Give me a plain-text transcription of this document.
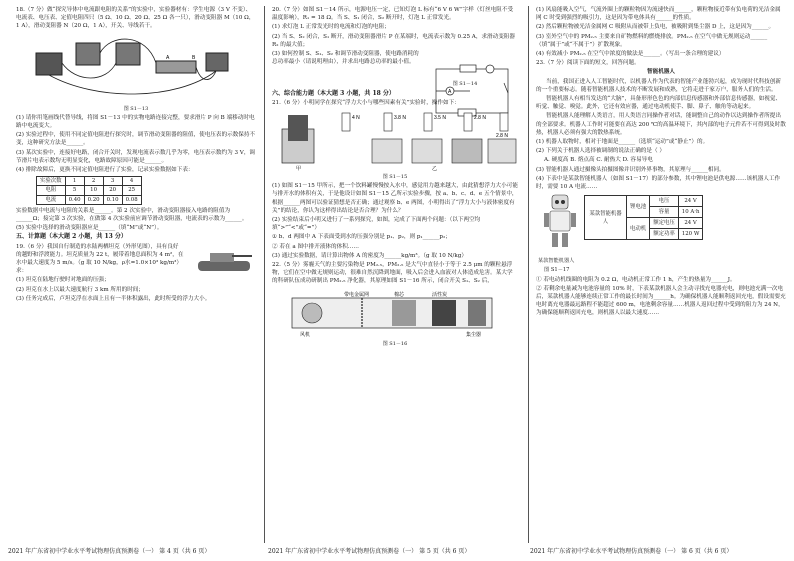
18.（7 分）做“探究导体中电流跟电阻的关系”的实验中，实验器材有：学生电源（3 V 不变）、电流表、电压表、定值电阻四只（5 Ω、10 Ω、20 Ω、25 Ω 各一只），滑动变阻器 M（10 Ω，1 A），滑动变阻器 N（20 Ω，1 A），开关、导线若干。

A	B

图 S1－13

(1) 请你用笔画线代替导线，将图 S1－13 中的实物电路连接完整，要求滑片 P 向 B 端移动时电路中电流变大。

(2) 实验过程中，使用不同定值电阻进行探究时，调节滑动变阻器的阻值，使电压表的示数保持不变，这种研究方法是______。

(3) 某次实验中，连接好电路，闭合开关时，发现电流表示数几乎为零，电压表示数约为 3 V，调节滑片电表示数均无明显变化，电路故障原因可能是______。

(4) 排除故障后，更换不同定值电阻进行了实验，记录实验数据如下表：

实验次数	1	2	3	4
电阻	5	10	20	25
电流	0.40	0.20	0.10	0.08

实验数据中电流与电阻的关系是______。第 2 次实验中，滑动变阻器接入电路的阻值为______Ω；接完第 3 次实验，在做第 4 次实验前应调节滑动变阻器，电流表的示数为______。

(5) 实验中选择的滑动变阻器应是______（填“M”或“N”）。

五、计算题（本大题 2 小题，共 13 分）

19.（6 分）我国自行制造的水陆两栖坦克（外形见图），具有良好的越野和浮渡能力。坦克质量为 22 t，履带着地总面积为 4 m²，在水中最大速度为 5 m/s。（g 取 10 N/kg，ρ水=1.0×10³ kg/m³）求：

(1) 坦克在陆地行驶时对地面的压强；

(2) 坦克在水上以最大速度航行 3 km 所用的时间；

(3) 任务完成后，卢坦克浮在水面上且有一半体积露出，此时所受的浮力大小。

2021 年广东省初中学业水平考试物理仿真预测卷（一） 第 4 页（共 6 页）

20.（7 分）如图 S1－14 所示，电源电压一定，已知灯泡 L 标有“6 V 6 W”字样（灯丝电阻不受温度影响），R₁ = 18 Ω。当 S、S₁ 闭合，S₂ 断开时，灯泡 L 正常发光。

(1) 求灯泡 L 正常发光时的电流和灯泡的电阻；

(2) 当 S、S₂ 闭合，S₁ 断开，滑动变阻器滑片 P 在某端时，电流表示数为 0.25 A，求滑动变阻器 R₂ 的最大值；

(3) 如何控制 S、S₁、S₂ 和调节滑动变阻器，使电路消耗的总功率最小（请说明理由），并求出电路总功率的最小值。

A

图 S1－14

六、综合能力题（本大题 3 小题，共 18 分）

21.（6 分）小明同学在探究“浮力大小与哪些因素有关”实验时，操作如下：

4 N	3.8 N	3.5 N	2.8 N
2.8 N
甲	乙

图 S1－15

(1) 如图 S1－15 甲所示，把一个饮料罐慢慢按入水中，感觉用力越来越大，由此猜想浮力大小可能与排开水的体积有关，于是他设计如图 S1－15 乙所示实验步骤，按 a、b、c、d、e 五个情景中，根据______两图可以验证猜想是否正确；通过观察 b、e 两图，小明得出了“浮力大小与液体密度有关”的结论，你认为这样得出结论是否合理？为什么？

(2) 实验结束后小明又进行了一系列探究，如图，完成了下面两个问题：（以下两空均填“>”“<”或“=”）

① b、d 两图中 A 下表面受到水的压强分别是 p₁、p₂，则 p₁______p₂；

② 若在 a 图中排开液体的体积……

(3) 通过实验数据，请计算出物体 A 的密度为______kg/m³。（g 取 10 N/kg）

22.（5 分）雾霾天气的主要污染物是 PM₂.₅，PM₂.₅ 是大气中直径小于等于 2.5 μm 的颗粒悬浮物，它们在空中做无规则运动，很难自然沉降到地面，吸入后会进入血液对人体造成危害。某大学的科研队伍成功研制出 PM₂.₅ 净化器，其原理如图 S1－16 所示，闭合开关 S₁、S₂ 后，

风机
带电金属网	棉芯	活性炭
集尘器

图 S1－16

2021 年广东省初中学业水平考试物理仿真预测卷（一） 第 5 页（共 6 页）

(1) 风扇能吸入空气，气流外圈上的颗粒物因为流速快而______，颗粒物接近带有负电荷的光洁金属网 C 时受到强烈的吸引力，这是因为带电体具有______的性质。

(2) 然后颗粒物被光洁金属网 C 吸附从而被带上负电，被吸附到集尘器 D 上，这是因为______。

(3) 室外空气中的 PM₂.₅ 主要来自矿物燃料的燃烧排放。PM₂.₅ 在空气中做无规则运动______（填“属于”或“不属于”）扩散现象。

(4) 有效减小 PM₂.₅ 在空气中浓度的做法是______。（写出一条合理的建议）

23.（7 分）阅读下面的短文，回答问题。

智能机器人

当前，我国正进入人工智能时代，以机器人作为代表的智能产业蓬勃兴起，成为现时代科技创新的一个重要标志。随着智能机器人技术的不断发展和成熟，它将走进千家万户，服务人们的生活。

智能机器人有相当发达的“大脑”，具备形形色色的内部信息传感器和外部信息传感器，如视觉、听觉、触觉、嗅觉。此外，它还有效应器，通过电动机使手、脚、鼻子、触角等动起来。

智能机器人能理解人类语言，用人类语言同操作者对话，能调整自己的动作以达到操作者所提出的全部要求。机器人工作时可能要在高达 200 ℃的高温环境下，其内部的电子元件若不可得到及时散热，机器人必须有强大的散热系统。

(1) 机器人取物时，相对于地面是______（选填“运动”或“静止”）的。

(2) 下列关于机器人选择被调制的说法正确的是（ ）

A. 硬度高 B. 熔点高 C. 耐热大 D. 容易导电

(3) 智能机器人通过摄像头拍摄图像并识别外界事物，其原理与______相同。

(4) 下表中是某款智能机器人（如图 S1－17）的部分参数，其中锂电池是供电源……该机器人工作时，需要 10 A 电流……

某款智能机器人	锂电池	电压	24 V
		容量	10 A·h
	电动机	额定电压	24 V
		额定功率	120 W

某款智能机器人

图 S1－17

① 若电动机线圈的电阻为 0.2 Ω，电动机正常工作 1 h，产生的热量为______J。

② 若剩余电量减为电池容量的 10% 时，下表某款机器人会主动寻找充电器充电，则电池充满一次电后，某款机器人能够连续正常工作的最长时间为______h。为确保机器人能顺利返回充电，假设需要充电时离充电器最远路程不能超过 600 m，电池剩余容量……机器人返回过程中受到的阻力为 24 N，为确保能顺利返回充电，则机器人以最大速度……

2021 年广东省初中学业水平考试物理仿真预测卷（一） 第 6 页（共 6 页）
